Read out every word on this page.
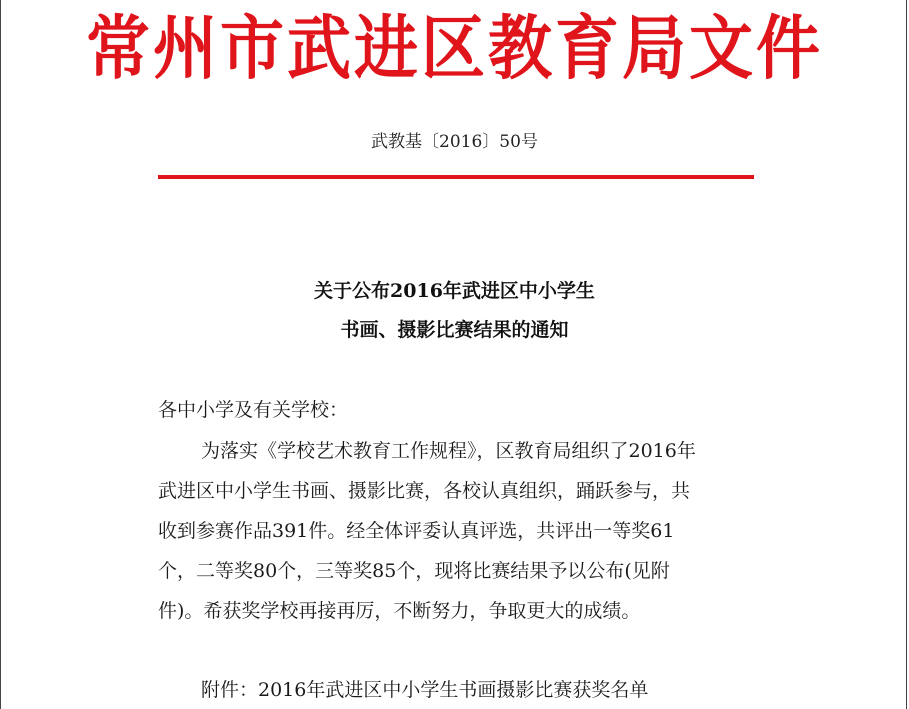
常州市武进区教育局文件
武教基〔2016〕50号
关于公布2016年武进区中小学生
书画、摄影比赛结果的通知
各中小学及有关学校：
为落实《学校艺术教育工作规程》，区教育局组织了2016年
武进区中小学生书画、摄影比赛，各校认真组织，踊跃参与，共
收到参赛作品391件。经全体评委认真评选，共评出一等奖61
个，二等奖80个，三等奖85个，现将比赛结果予以公布(见附
件)。希获奖学校再接再厉，不断努力，争取更大的成绩。
附件：2016年武进区中小学生书画摄影比赛获奖名单
